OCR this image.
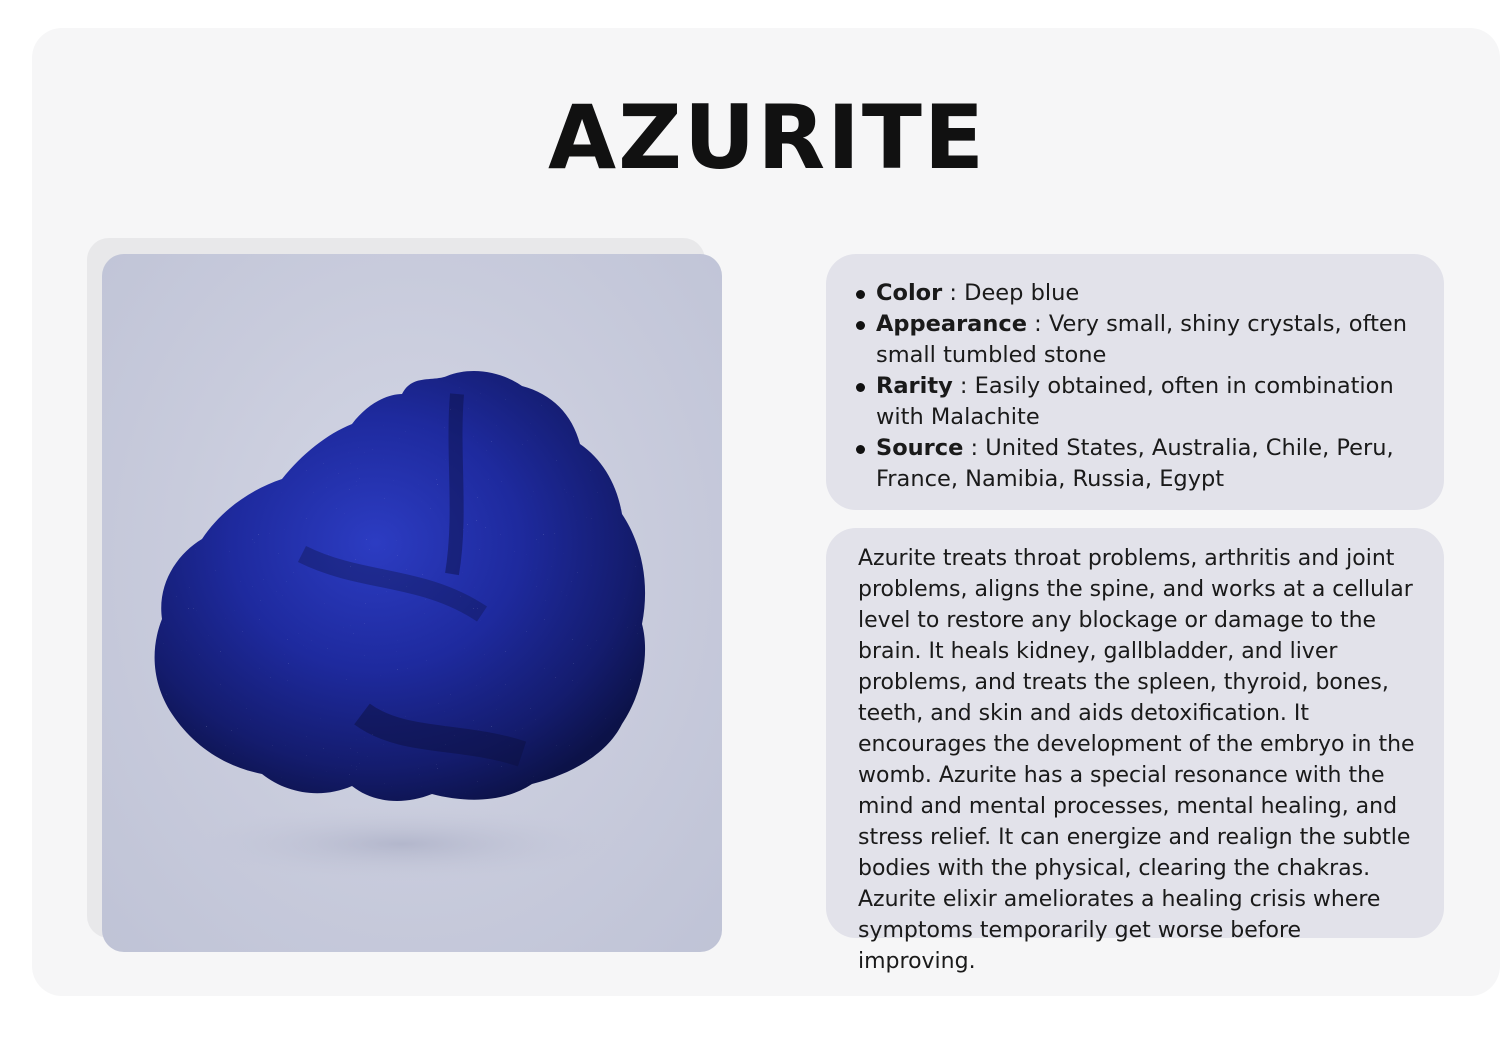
AZURITE
Color : Deep blue
Appearance : Very small, shiny crystals, often small tumbled stone
Rarity : Easily obtained, often in combination with Malachite
Source : United States, Australia, Chile, Peru, France, Namibia, Russia, Egypt

Azurite treats throat problems, arthritis and joint problems, aligns the spine, and works at a cellular level to restore any blockage or damage to the brain. It heals kidney, gallbladder, and liver problems, and treats the spleen, thyroid, bones, teeth, and skin and aids detoxification. It encourages the development of the embryo in the womb. Azurite has a special resonance with the mind and mental processes, mental healing, and stress relief. It can energize and realign the subtle bodies with the physical, clearing the chakras. Azurite elixir ameliorates a healing crisis where symptoms temporarily get worse before improving.
